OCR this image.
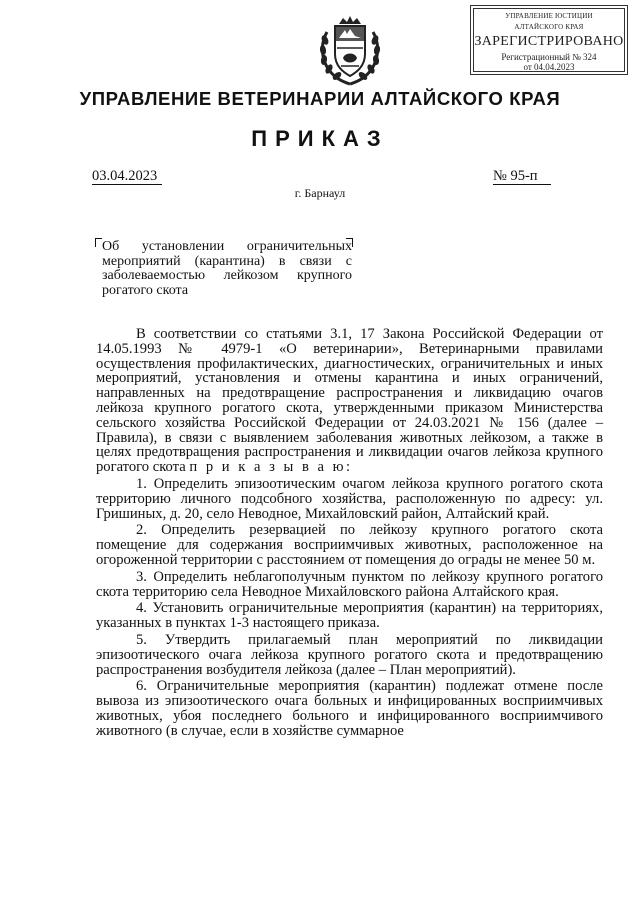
УПРАВЛЕНИЕ ЮСТИЦИИ
АЛТАЙСКОГО КРАЯ
ЗАРЕГИСТРИРОВАНО
Регистрационный № 324
от 04.04.2023
УПРАВЛЕНИЕ ВЕТЕРИНАРИИ АЛТАЙСКОГО КРАЯ
ПРИКАЗ
03.04.2023	№ 95-п
г. Барнаул
Об установлении ограничительных мероприятий (карантина) в связи с заболеваемостью лейкозом крупного рогатого скота

В соответствии со статьями 3.1, 17 Закона Российской Федерации от 14.05.1993 № 4979-1 «О ветеринарии», Ветеринарными правилами осуществления профилактических, диагностических, ограничительных и иных мероприятий, установления и отмены карантина и иных ограничений, направленных на предотвращение распространения и ликвидацию очагов лейкоза крупного рогатого скота, утвержденными приказом Министерства сельского хозяйства Российской Федерации от 24.03.2021 № 156 (далее – Правила), в связи с выявлением заболевания животных лейкозом, а также в целях предотвращения распространения и ликвидации очагов лейкоза крупного рогатого скота п р и к а з ы в а ю:

1. Определить эпизоотическим очагом лейкоза крупного рогатого скота территорию личного подсобного хозяйства, расположенную по адресу: ул. Гришиных, д. 20, село Неводное, Михайловский район, Алтайский край.

2. Определить резервацией по лейкозу крупного рогатого скота помещение для содержания восприимчивых животных, расположенное на огороженной территории с расстоянием от помещения до ограды не менее 50 м.

3. Определить неблагополучным пунктом по лейкозу крупного рогатого скота территорию села Неводное Михайловского района Алтайского края.

4. Установить ограничительные мероприятия (карантин) на территориях, указанных в пунктах 1-3 настоящего приказа.

5. Утвердить прилагаемый план мероприятий по ликвидации эпизоотического очага лейкоза крупного рогатого скота и предотвращению распространения возбудителя лейкоза (далее – План мероприятий).

6. Ограничительные мероприятия (карантин) подлежат отмене после вывоза из эпизоотического очага больных и инфицированных восприимчивых животных, убоя последнего больного и инфицированного восприимчивого животного (в случае, если в хозяйстве суммарное
